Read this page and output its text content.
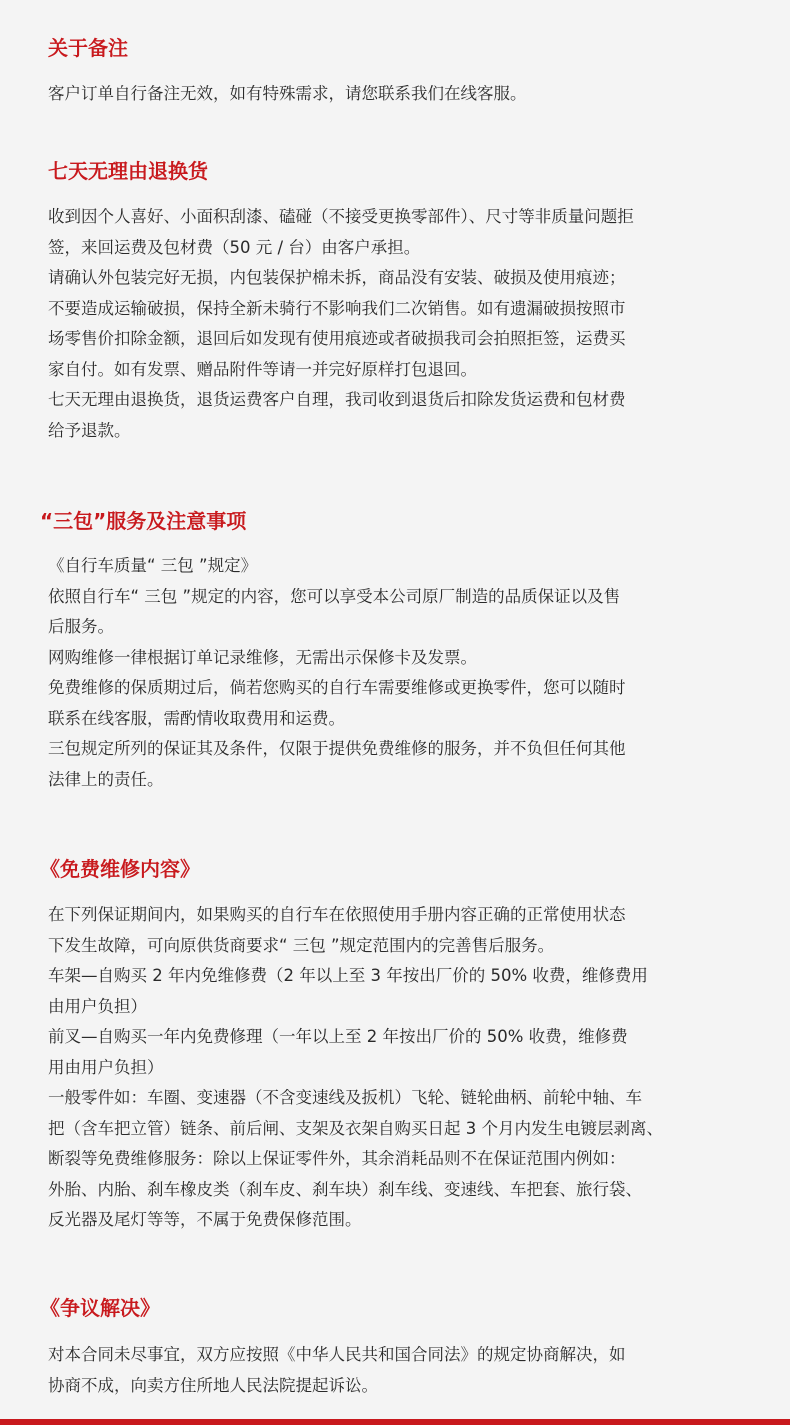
关于备注

客户订单自行备注无效，如有特殊需求，请您联系我们在线客服。

七天无理由退换货

收到因个人喜好、小面积刮漆、磕碰（不接受更换零部件）、尺寸等非质量问题拒
签，来回运费及包材费（50 元 / 台）由客户承担。
请确认外包装完好无损，内包装保护棉未拆，商品没有安装、破损及使用痕迹；
不要造成运输破损，保持全新未骑行不影响我们二次销售。如有遗漏破损按照市
场零售价扣除金额，退回后如发现有使用痕迹或者破损我司会拍照拒签，运费买
家自付。如有发票、赠品附件等请一并完好原样打包退回。
七天无理由退换货，退货运费客户自理，我司收到退货后扣除发货运费和包材费
给予退款。

“三包”服务及注意事项

《自行车质量“ 三包 ”规定》
依照自行车“ 三包 ”规定的内容，您可以享受本公司原厂制造的品质保证以及售
后服务。
网购维修一律根据订单记录维修，无需出示保修卡及发票。
免费维修的保质期过后，倘若您购买的自行车需要维修或更换零件，您可以随时
联系在线客服，需酌情收取费用和运费。
三包规定所列的保证其及条件，仅限于提供免费维修的服务，并不负但任何其他
法律上的责任。

《免费维修内容》

在下列保证期间内，如果购买的自行车在依照使用手册内容正确的正常使用状态
下发生故障，可向原供货商要求“ 三包 ”规定范围内的完善售后服务。
车架—自购买 2 年内免维修费（2 年以上至 3 年按出厂价的 50% 收费，维修费用
由用户负担）
前叉—自购买一年内免费修理（一年以上至 2 年按出厂价的 50% 收费，维修费
用由用户负担）
一般零件如：车圈、变速器（不含变速线及扳机）飞轮、链轮曲柄、前轮中轴、车
把（含车把立管）链条、前后闸、支架及衣架自购买日起 3 个月内发生电镀层剥离、
断裂等免费维修服务：除以上保证零件外，其余消耗品则不在保证范围内例如：
外胎、内胎、刹车橡皮类（刹车皮、刹车块）刹车线、变速线、车把套、旅行袋、
反光器及尾灯等等，不属于免费保修范围。

《争议解决》

对本合同未尽事宜，双方应按照《中华人民共和国合同法》的规定协商解决，如
协商不成，向卖方住所地人民法院提起诉讼。
